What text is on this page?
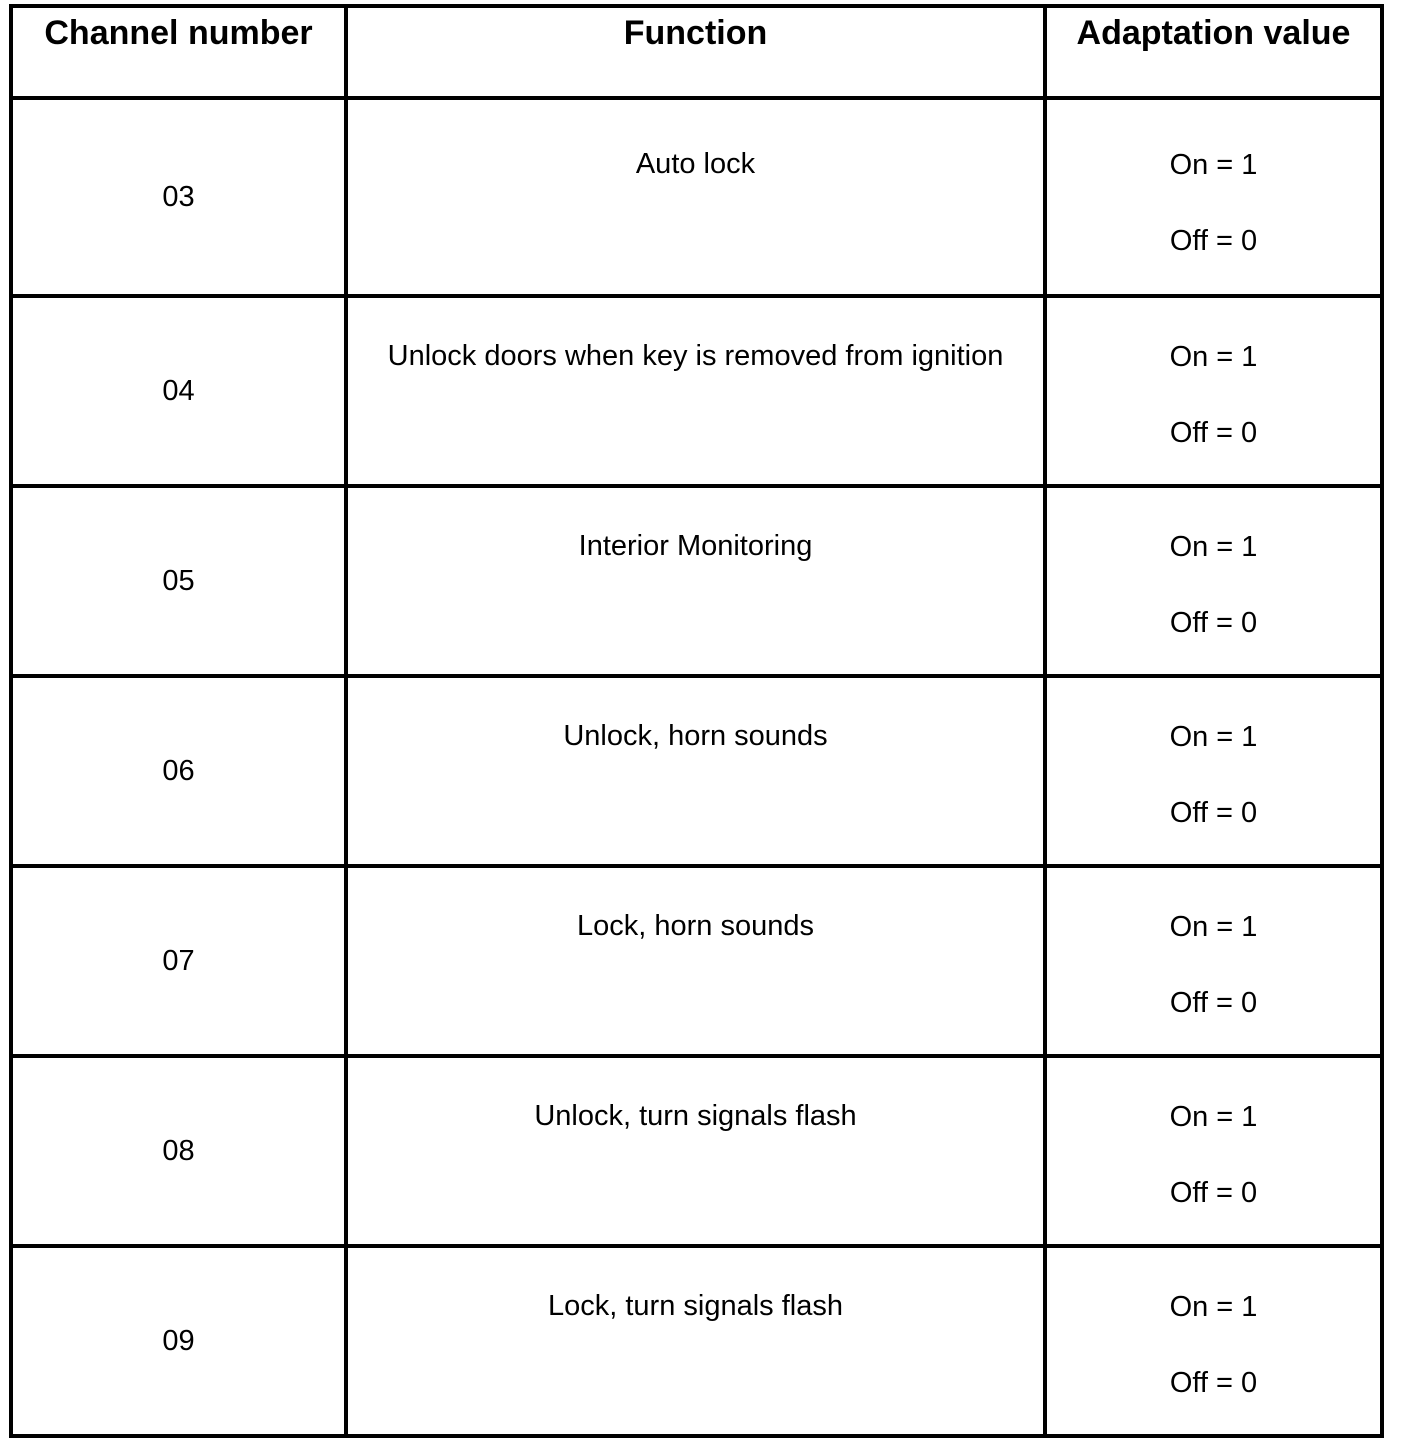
Channel number	Function	Adaptation value
03	Auto lock	On = 1
Off = 0

04	Unlock doors when key is removed from ignition	On = 1
Off = 0

05	Interior Monitoring	On = 1
Off = 0

06	Unlock, horn sounds	On = 1
Off = 0

07	Lock, horn sounds	On = 1
Off = 0

08	Unlock, turn signals flash	On = 1
Off = 0

09	Lock, turn signals flash	On = 1
Off = 0
